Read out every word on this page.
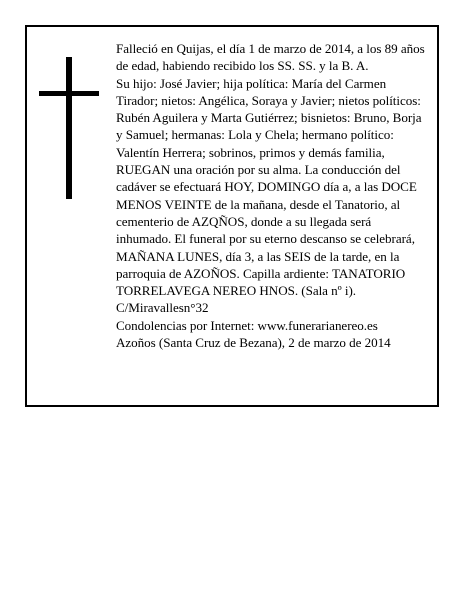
Falleció en Quijas, el día 1 de marzo de 2014, a los 89 años de edad, habiendo recibido los SS. SS. y la B. A.

Su hijo: José Javier; hija política: María del Carmen Tirador; nietos: Angélica, Soraya y Javier; nietos políticos: Rubén Aguilera y Marta Gutiérrez; bisnietos: Bruno, Borja y Samuel; hermanas: Lola y Chela; hermano político: Valentín Herrera; sobrinos, primos y demás familia,

RUEGAN una oración por su alma. La conducción del cadáver se efectuará HOY, DOMINGO día a, a las DOCE MENOS VEINTE de la mañana, desde el Tanatorio, al cementerio de AZQÑOS, donde a su llegada será inhumado. El funeral por su eterno descanso se celebrará, MAÑANA LUNES, día 3, a las SEIS de la tarde, en la parroquia de AZOÑOS. Capilla ardiente: TANATORIO TORRELAVEGA NEREO HNOS. (Sala nº i). C/Miravallesn°32

Condolencias por Internet: www.funerarianereo.es

Azoños (Santa Cruz de Bezana), 2 de marzo de 2014
